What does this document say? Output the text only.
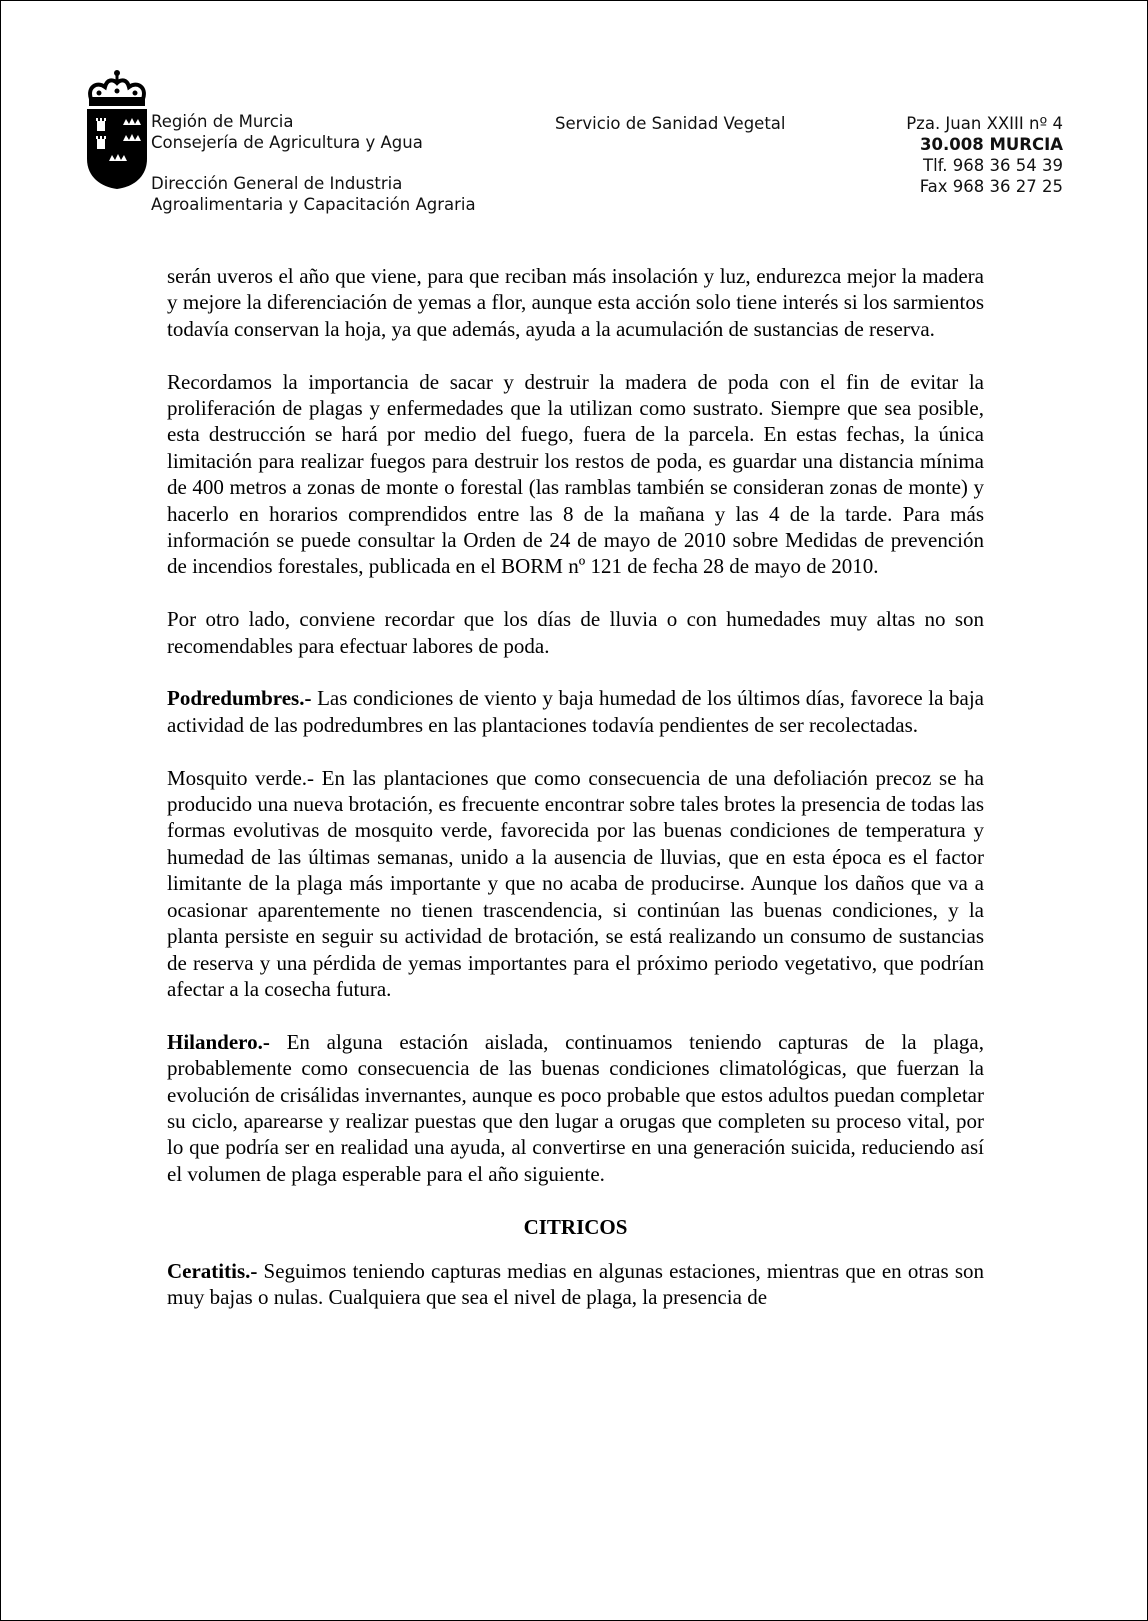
Región de Murcia
Consejería de Agricultura y Agua
Dirección General de Industria
Agroalimentaria y Capacitación Agraria
Servicio de Sanidad Vegetal	Pza. Juan XXIII nº 4
30.008 MURCIA
Tlf. 968 36 54 39
Fax 968 36 27 25

serán uveros el año que viene, para que reciban más insolación y luz, endurezca mejor la madera y mejore la diferenciación de yemas a flor, aunque esta acción solo tiene interés si los sarmientos todavía conservan la hoja, ya que además, ayuda a la acumulación de sustancias de reserva.

Recordamos la importancia de sacar y destruir la madera de poda con el fin de evitar la proliferación de plagas y enfermedades que la utilizan como sustrato. Siempre que sea posible, esta destrucción se hará por medio del fuego, fuera de la parcela. En estas fechas, la única limitación para realizar fuegos para destruir los restos de poda, es guardar una distancia mínima de 400 metros a zonas de monte o forestal (las ramblas también se consideran zonas de monte) y hacerlo en horarios comprendidos entre las 8 de la mañana y las 4 de la tarde. Para más información se puede consultar la Orden de 24 de mayo de 2010 sobre Medidas de prevención de incendios forestales, publicada en el BORM nº 121 de fecha 28 de mayo de 2010.

Por otro lado, conviene recordar que los días de lluvia o con humedades muy altas no son recomendables para efectuar labores de poda.

Podredumbres.- Las condiciones de viento y baja humedad de los últimos días, favorece la baja actividad de las podredumbres en las plantaciones todavía pendientes de ser recolectadas.

Mosquito verde.- En las plantaciones que como consecuencia de una defoliación precoz se ha producido una nueva brotación, es frecuente encontrar sobre tales brotes la presencia de todas las formas evolutivas de mosquito verde, favorecida por las buenas condiciones de temperatura y humedad de las últimas semanas, unido a la ausencia de lluvias, que en esta época es el factor limitante de la plaga más importante y que no acaba de producirse. Aunque los daños que va a ocasionar aparentemente no tienen trascendencia, si continúan las buenas condiciones, y la planta persiste en seguir su actividad de brotación, se está realizando un consumo de sustancias de reserva y una pérdida de yemas importantes para el próximo periodo vegetativo, que podrían afectar a la cosecha futura.

Hilandero.- En alguna estación aislada, continuamos teniendo capturas de la plaga, probablemente como consecuencia de las buenas condiciones climatológicas, que fuerzan la evolución de crisálidas invernantes, aunque es poco probable que estos adultos puedan completar su ciclo, aparearse y realizar puestas que den lugar a orugas que completen su proceso vital, por lo que podría ser en realidad una ayuda, al convertirse en una generación suicida, reduciendo así el volumen de plaga esperable para el año siguiente.

CITRICOS

Ceratitis.- Seguimos teniendo capturas medias en algunas estaciones, mientras que en otras son muy bajas o nulas. Cualquiera que sea el nivel de plaga, la presencia de
